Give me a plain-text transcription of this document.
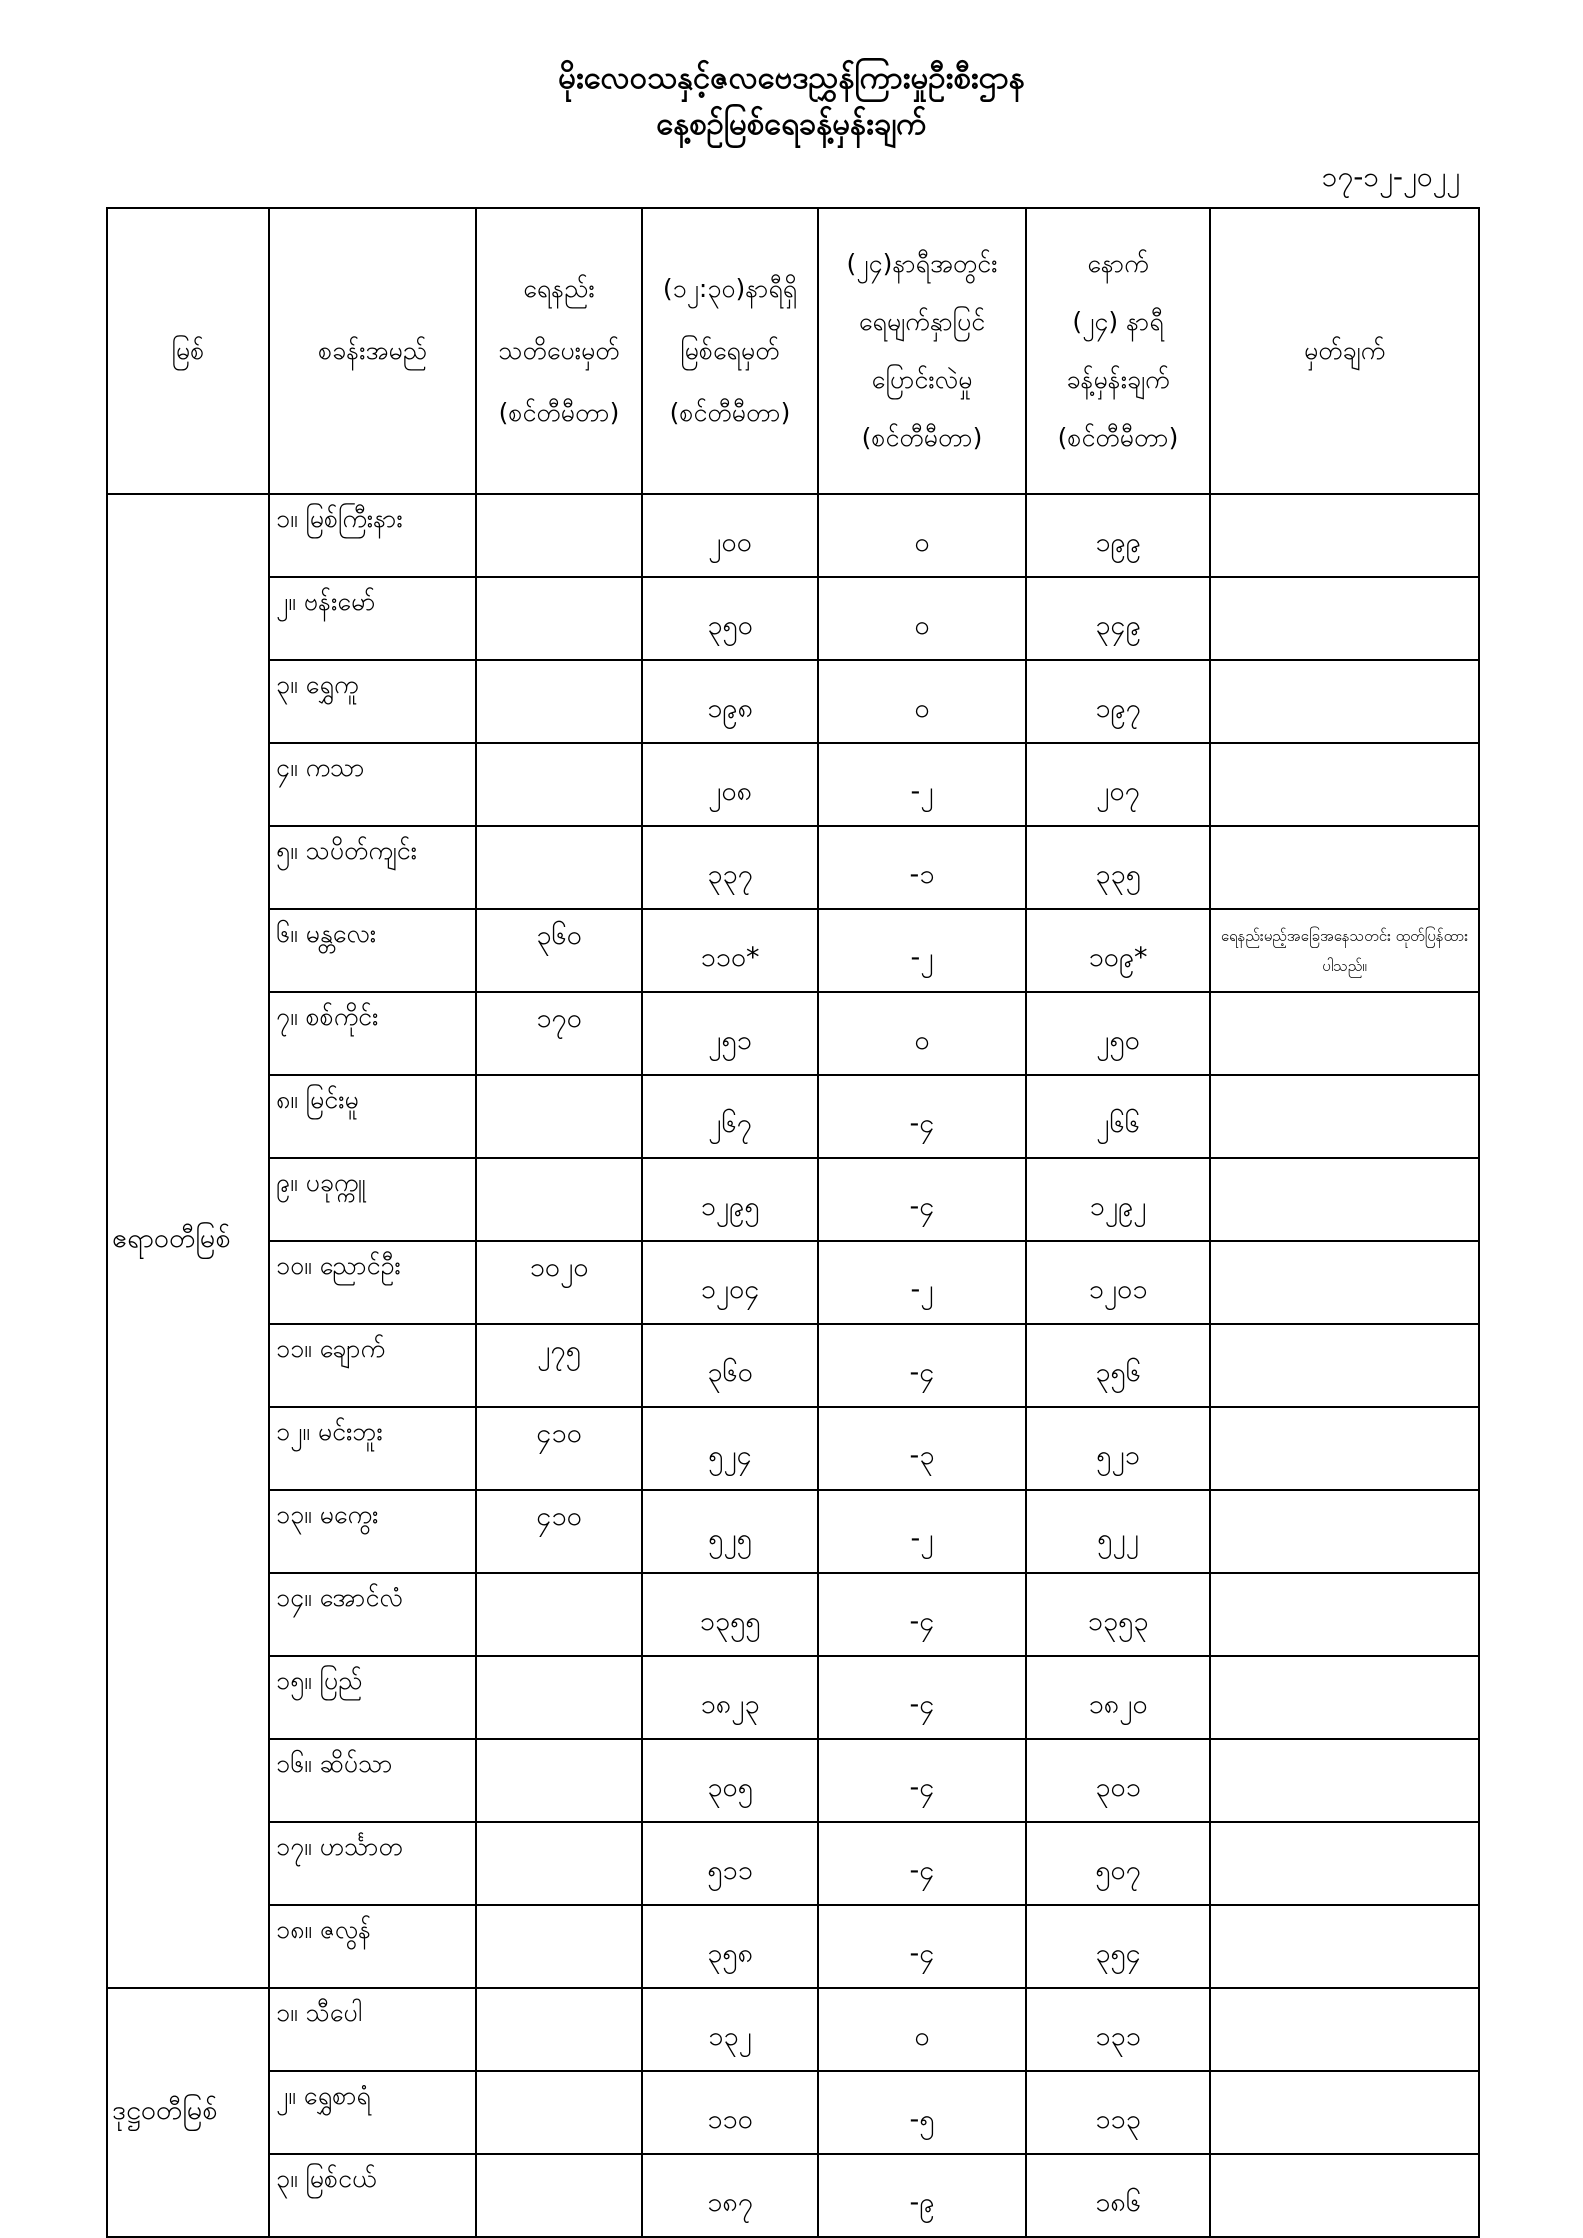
မိုးလေဝသနှင့်ဇလဗေဒညွှန်ကြားမှုဦးစီးဌာန
နေ့စဉ်မြစ်ရေခန့်မှန်းချက်
၁၇-၁၂-၂၀၂၂
မြစ်	စခန်းအမည်	ရေနည်း
သတိပေးမှတ်
(စင်တီမီတာ)	(၁၂:၃၀)နာရီရှိ
မြစ်ရေမှတ်
(စင်တီမီတာ)	(၂၄)နာရီအတွင်း
ရေမျက်နှာပြင်
ပြောင်းလဲမှု
(စင်တီမီတာ)	နောက်
(၂၄) နာရီ
ခန့်မှန်းချက်
(စင်တီမီတာ)	မှတ်ချက်
ဧရာဝတီမြစ်	၁။ မြစ်ကြီးနား		၂၀၀	၀	၁၉၉	
	၂။ ဗန်းမော်		၃၅၀	၀	၃၄၉	
	၃။ ရွှေကူ		၁၉၈	၀	၁၉၇	
	၄။ ကသာ		၂၀၈	-၂	၂၀၇	
	၅။ သပိတ်ကျင်း		၃၃၇	-၁	၃၃၅	
	၆။ မန္တလေး	၃၆၀	၁၁၀*	-၂	၁၀၉*	ရေနည်းမည့်အခြေအနေသတင်း ထုတ်ပြန်ထားပါသည်။
	၇။ စစ်ကိုင်း	၁၇၀	၂၅၁	၀	၂၅၀	
	၈။ မြင်းမူ		၂၆၇	-၄	၂၆၆	
	၉။ ပခုက္ကူ		၁၂၉၅	-၄	၁၂၉၂	
	၁၀။ ညောင်ဦး	၁၀၂၀	၁၂၀၄	-၂	၁၂၀၁	
	၁၁။ ချောက်	၂၇၅	၃၆၀	-၄	၃၅၆	
	၁၂။ မင်းဘူး	၄၁၀	၅၂၄	-၃	၅၂၁	
	၁၃။ မကွေး	၄၁၀	၅၂၅	-၂	၅၂၂	
	၁၄။ အောင်လံ		၁၃၅၅	-၄	၁၃၅၃	
	၁၅။ ပြည်		၁၈၂၃	-၄	၁၈၂၀	
	၁၆။ ဆိပ်သာ		၃၀၅	-၄	၃၀၁	
	၁၇။ ဟင်္သာတ		၅၁၁	-၄	၅၀၇	
	၁၈။ ဇလွန်		၃၅၈	-၄	၃၅၄	
ဒုဋ္ဌဝတီမြစ်	၁။ သီပေါ		၁၃၂	၀	၁၃၁	
	၂။ ရွှေစာရံ		၁၁၀	-၅	၁၁၃	
	၃။ မြစ်ငယ်		၁၈၇	-၉	၁၈၆	
